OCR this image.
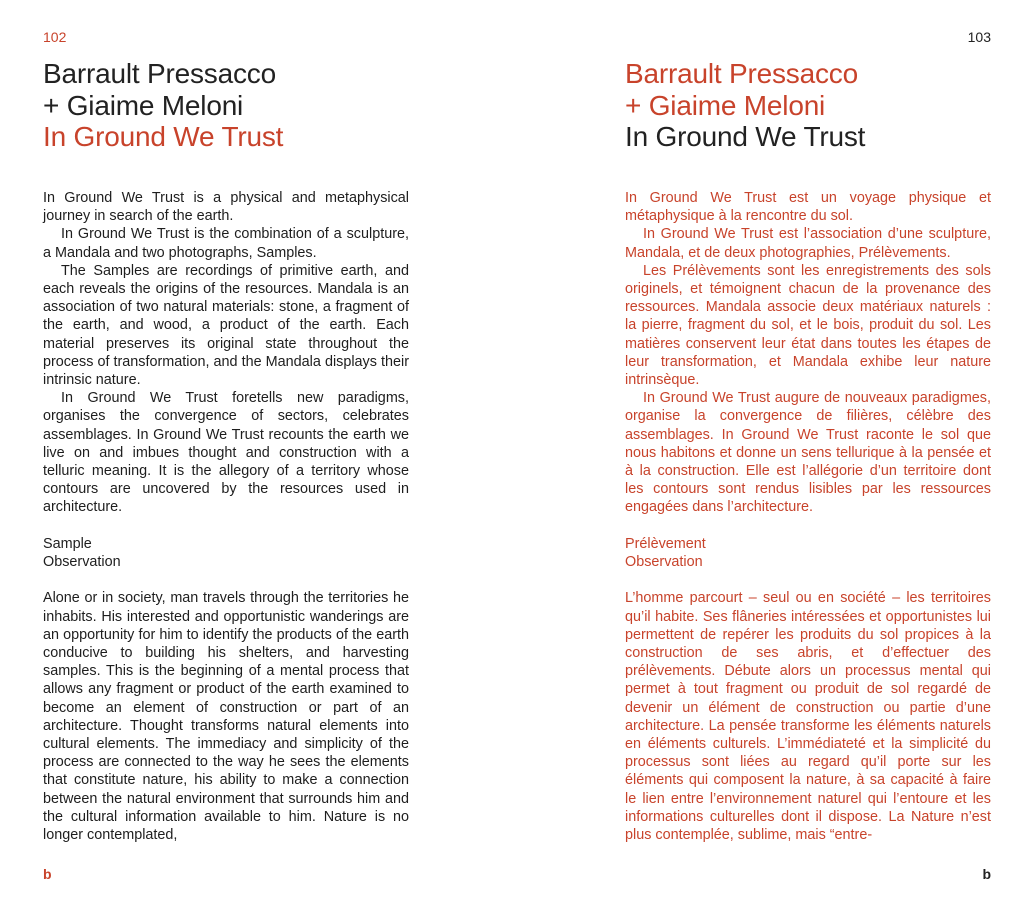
102
Barrault Pressacco
+ Giaime Meloni
In Ground We Trust

In Ground We Trust is a physical and metaphysical journey in search of the earth.

In Ground We Trust is the combination of a sculpture, a Mandala and two photographs, Samples.

The Samples are recordings of primitive earth, and each reveals the origins of the resources. Mandala is an association of two natural materials: stone, a fragment of the earth, and wood, a product of the earth. Each material preserves its original state throughout the process of transformation, and the Mandala displays their intrinsic nature.

In Ground We Trust foretells new paradigms, organises the convergence of sectors, celebrates assemblages. In Ground We Trust recounts the earth we live on and imbues thought and construction with a telluric meaning. It is the allegory of a territory whose contours are uncovered by the resources used in architecture.

Sample
Observation

Alone or in society, man travels through the territories he inhabits. His interested and opportunistic wanderings are an opportunity for him to identify the products of the earth conducive to building his shelters, and harvesting samples. This is the beginning of a mental process that allows any fragment or product of the earth examined to become an element of construction or part of an architecture. Thought transforms natural elements into cultural elements. The immediacy and simplicity of the process are connected to the way he sees the elements that constitute nature, his ability to make a connection between the natural environment that surrounds him and the cultural information available to him. Nature is no longer contemplated,

b
103
Barrault Pressacco
+ Giaime Meloni
In Ground We Trust

In Ground We Trust est un voyage physique et métaphysique à la rencontre du sol.

In Ground We Trust est l’association d’une sculpture, Mandala, et de deux photographies, Prélèvements.

Les Prélèvements sont les enregistrements des sols originels, et témoignent chacun de la provenance des ressources. Mandala associe deux matériaux naturels : la pierre, fragment du sol, et le bois, produit du sol. Les matières conservent leur état dans toutes les étapes de leur transformation, et Mandala exhibe leur nature intrinsèque.

In Ground We Trust augure de nouveaux paradigmes, organise la convergence de filières, célèbre des assemblages. In Ground We Trust raconte le sol que nous habitons et donne un sens tellurique à la pensée et à la construction. Elle est l’allégorie d’un territoire dont les contours sont rendus lisibles par les ressources engagées dans l’architecture.

Prélèvement
Observation

L’homme parcourt – seul ou en société – les territoires qu’il habite. Ses flâneries intéressées et opportunistes lui permettent de repérer les produits du sol propices à la construction de ses abris, et d’effectuer des prélèvements. Débute alors un processus mental qui permet à tout fragment ou produit de sol regardé de devenir un élément de construction ou partie d’une architecture. La pensée transforme les éléments naturels en éléments culturels. L’immédiateté et la simplicité du processus sont liées au regard qu’il porte sur les éléments qui composent la nature, à sa capacité à faire le lien entre l’environnement naturel qui l’entoure et les informations culturelles dont il dispose. La Nature n’est plus contemplée, sublime, mais “entre-

b
